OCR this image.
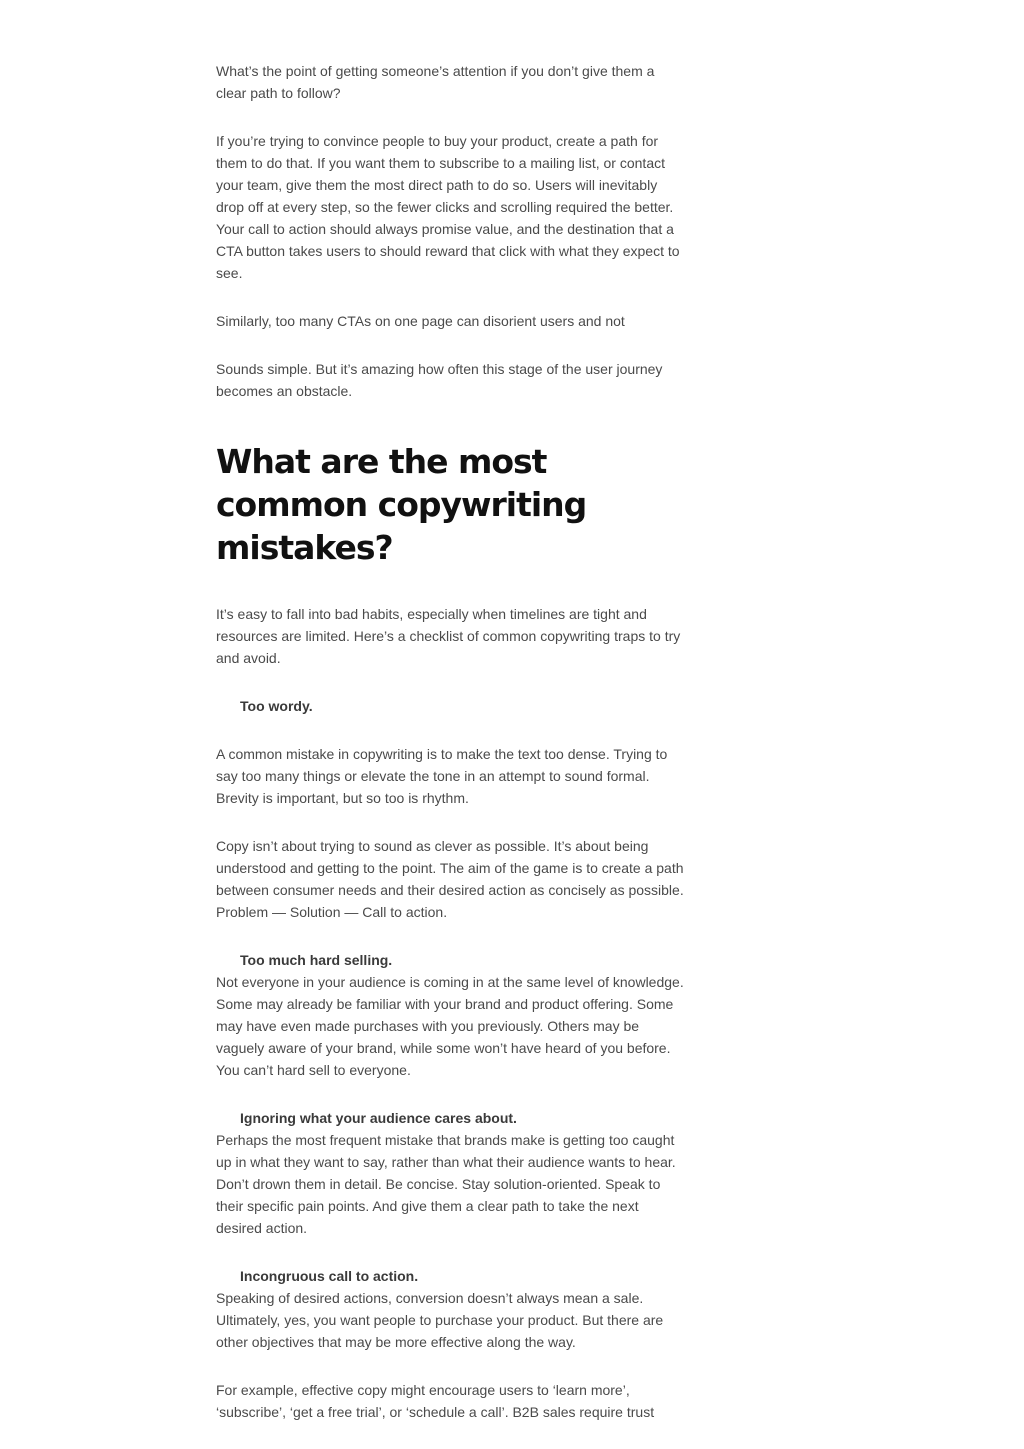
What’s the point of getting someone’s attention if you don’t give them a clear path to follow?

If you’re trying to convince people to buy your product, create a path for them to do that. If you want them to subscribe to a mailing list, or contact your team, give them the most direct path to do so. Users will inevitably drop off at every step, so the fewer clicks and scrolling required the better. Your call to action should always promise value, and the destination that a CTA button takes users to should reward that click with what they expect to see.

Similarly, too many CTAs on one page can disorient users and not

Sounds simple. But it’s amazing how often this stage of the user journey becomes an obstacle.

What are the most common copywriting mistakes?

It’s easy to fall into bad habits, especially when timelines are tight and resources are limited. Here’s a checklist of common copywriting traps to try and avoid.

Too wordy.

A common mistake in copywriting is to make the text too dense. Trying to say too many things or elevate the tone in an attempt to sound formal. Brevity is important, but so too is rhythm.

Copy isn’t about trying to sound as clever as possible. It’s about being understood and getting to the point. The aim of the game is to create a path between consumer needs and their desired action as concisely as possible. Problem — Solution — Call to action.

Too much hard selling.
Not everyone in your audience is coming in at the same level of knowledge. Some may already be familiar with your brand and product offering. Some may have even made purchases with you previously. Others may be vaguely aware of your brand, while some won’t have heard of you before. You can’t hard sell to everyone.

Ignoring what your audience cares about.
Perhaps the most frequent mistake that brands make is getting too caught up in what they want to say, rather than what their audience wants to hear. Don’t drown them in detail. Be concise. Stay solution-oriented. Speak to their specific pain points. And give them a clear path to take the next desired action.

Incongruous call to action.
Speaking of desired actions, conversion doesn’t always mean a sale. Ultimately, yes, you want people to purchase your product. But there are other objectives that may be more effective along the way.

For example, effective copy might encourage users to ‘learn more’, ‘subscribe’, ‘get a free trial’, or ‘schedule a call’. B2B sales require trust
